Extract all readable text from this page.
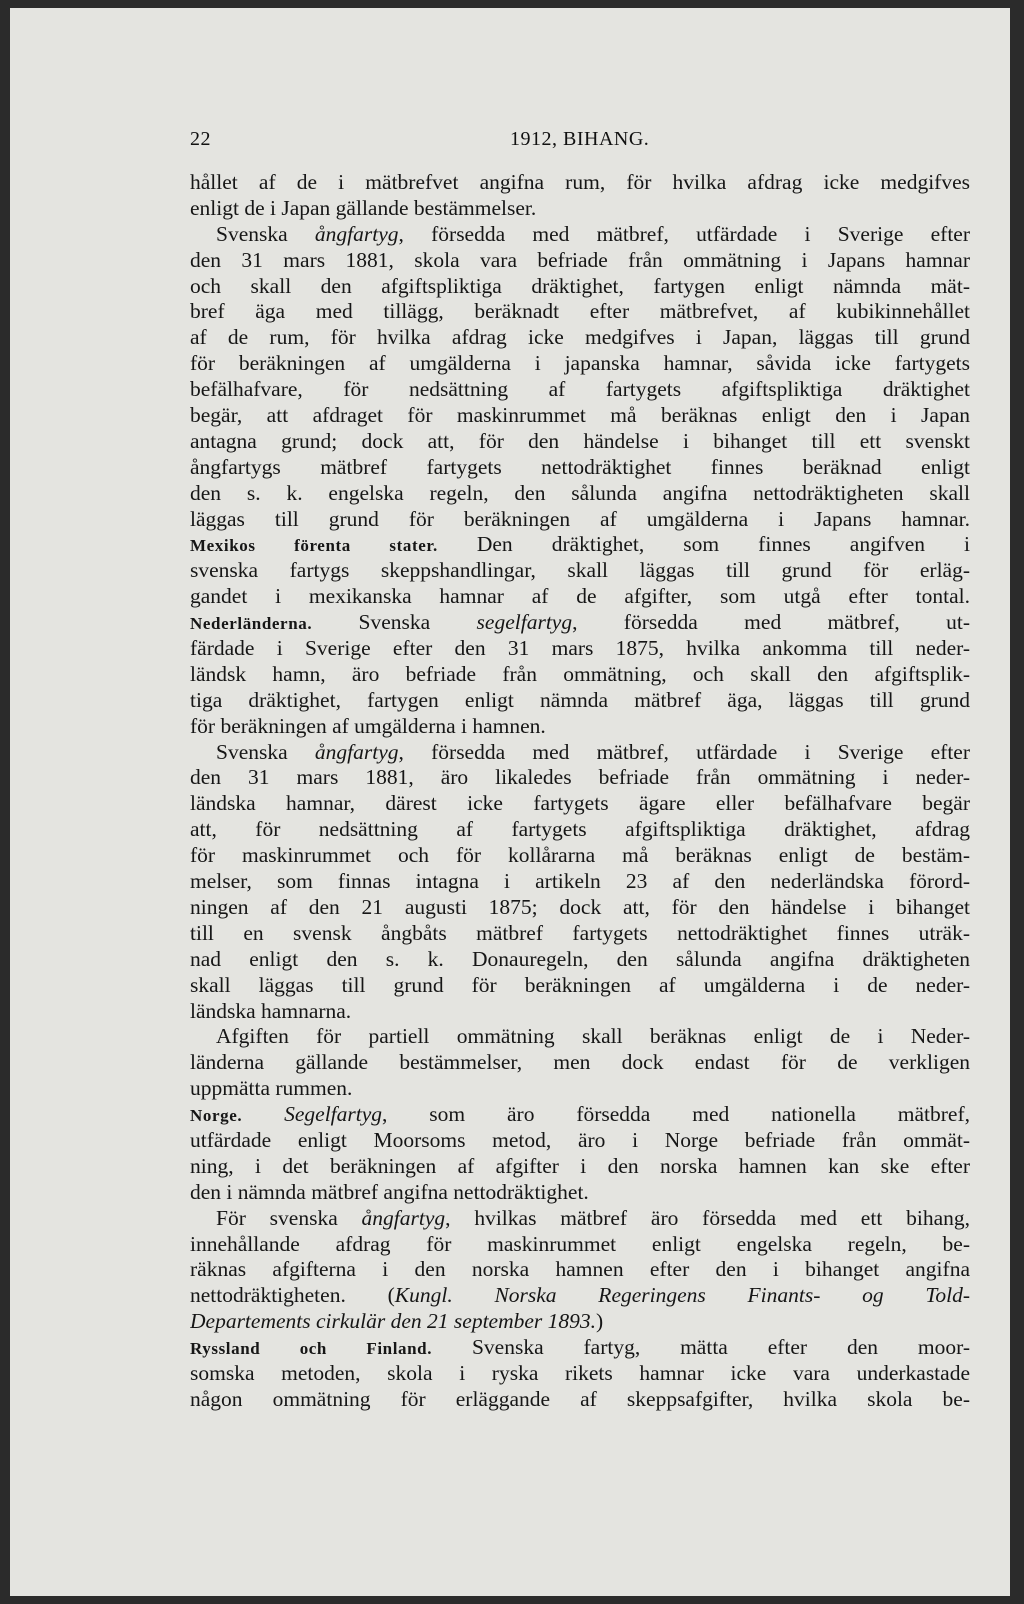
22	1912, BIHANG.
hållet af de i mätbrefvet angifna rum, för hvilka afdrag icke medgifves
enligt de i Japan gällande bestämmelser.
Svenska ångfartyg, försedda med mätbref, utfärdade i Sverige efter
den 31 mars 1881, skola vara befriade från ommätning i Japans hamnar
och skall den afgiftspliktiga dräktighet, fartygen enligt nämnda mät-
bref äga med tillägg, beräknadt efter mätbrefvet, af kubikinnehållet
af de rum, för hvilka afdrag icke medgifves i Japan, läggas till grund
för beräkningen af umgälderna i japanska hamnar, såvida icke fartygets
befälhafvare, för nedsättning af fartygets afgiftspliktiga dräktighet
begär, att afdraget för maskinrummet må beräknas enligt den i Japan
antagna grund; dock att, för den händelse i bihanget till ett svenskt
ångfartygs mätbref fartygets nettodräktighet finnes beräknad enligt
den s. k. engelska regeln, den sålunda angifna nettodräktigheten skall
läggas till grund för beräkningen af umgälderna i Japans hamnar.
Mexikos förenta stater. Den dräktighet, som finnes angifven i
svenska fartygs skeppshandlingar, skall läggas till grund för erläg-
gandet i mexikanska hamnar af de afgifter, som utgå efter tontal.
Nederländerna. Svenska segelfartyg, försedda med mätbref, ut-
färdade i Sverige efter den 31 mars 1875, hvilka ankomma till neder-
ländsk hamn, äro befriade från ommätning, och skall den afgiftsplik-
tiga dräktighet, fartygen enligt nämnda mätbref äga, läggas till grund
för beräkningen af umgälderna i hamnen.
Svenska ångfartyg, försedda med mätbref, utfärdade i Sverige efter
den 31 mars 1881, äro likaledes befriade från ommätning i neder-
ländska hamnar, därest icke fartygets ägare eller befälhafvare begär
att, för nedsättning af fartygets afgiftspliktiga dräktighet, afdrag
för maskinrummet och för kollårarna må beräknas enligt de bestäm-
melser, som finnas intagna i artikeln 23 af den nederländska förord-
ningen af den 21 augusti 1875; dock att, för den händelse i bihanget
till en svensk ångbåts mätbref fartygets nettodräktighet finnes uträk-
nad enligt den s. k. Donauregeln, den sålunda angifna dräktigheten
skall läggas till grund för beräkningen af umgälderna i de neder-
ländska hamnarna.
Afgiften för partiell ommätning skall beräknas enligt de i Neder-
länderna gällande bestämmelser, men dock endast för de verkligen
uppmätta rummen.
Norge. Segelfartyg, som äro försedda med nationella mätbref,
utfärdade enligt Moorsoms metod, äro i Norge befriade från ommät-
ning, i det beräkningen af afgifter i den norska hamnen kan ske efter
den i nämnda mätbref angifna nettodräktighet.
För svenska ångfartyg, hvilkas mätbref äro försedda med ett bihang,
innehållande afdrag för maskinrummet enligt engelska regeln, be-
räknas afgifterna i den norska hamnen efter den i bihanget angifna
nettodräktigheten. (Kungl. Norska Regeringens Finants- og Told-
Departements cirkulär den 21 september 1893.)
Ryssland och Finland. Svenska fartyg, mätta efter den moor-
somska metoden, skola i ryska rikets hamnar icke vara underkastade
någon ommätning för erläggande af skeppsafgifter, hvilka skola be-
